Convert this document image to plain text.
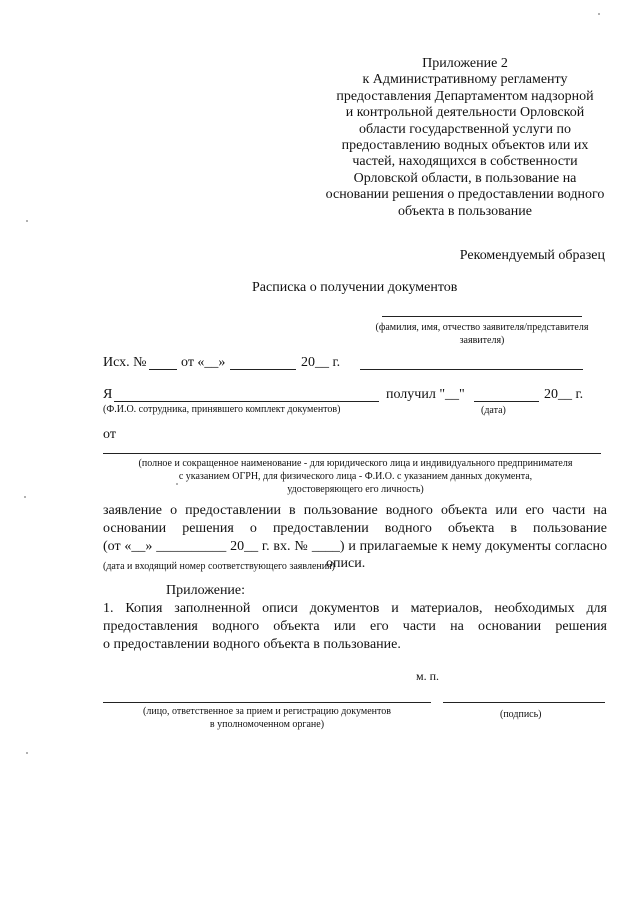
Приложение 2
к Административному регламенту
предоставления Департаментом надзорной
и контрольной деятельности Орловской
области государственной услуги по
предоставлению водных объектов или их
частей, находящихся в собственности
Орловской области, в пользование на
основании решения о предоставлении водного
объекта в пользование
Рекомендуемый образец
Расписка о получении документов
(фамилия, имя, отчество заявителя/представителя
заявителя)
Исх. № от «__»	20__ г.
Я	получил "__"	20__ г.
(Ф.И.О. сотрудника, принявшего комплект документов)	(дата)
от
(полное и сокращенное наименование - для юридического лица и индивидуального предпринимателя
с указанием ОГРН, для физического лица - Ф.И.О. с указанием данных документа,
удостоверяющего его личность)
заявление о предоставлении в пользование водного объекта или его части на
основании решения о предоставлении водного объекта в пользование
(от «__» __________ 20__ г. вх. № ____) и прилагаемые к нему документы согласно
(дата и входящий номер соответствующего заявления)
описи.
Приложение:
1. Копия заполненной описи документов и материалов, необходимых для
предоставления водного объекта или его части на основании решения
о предоставлении водного объекта в пользование.
м. п.
(лицо, ответственное за прием и регистрацию документов
в уполномоченном органе)
(подпись)
